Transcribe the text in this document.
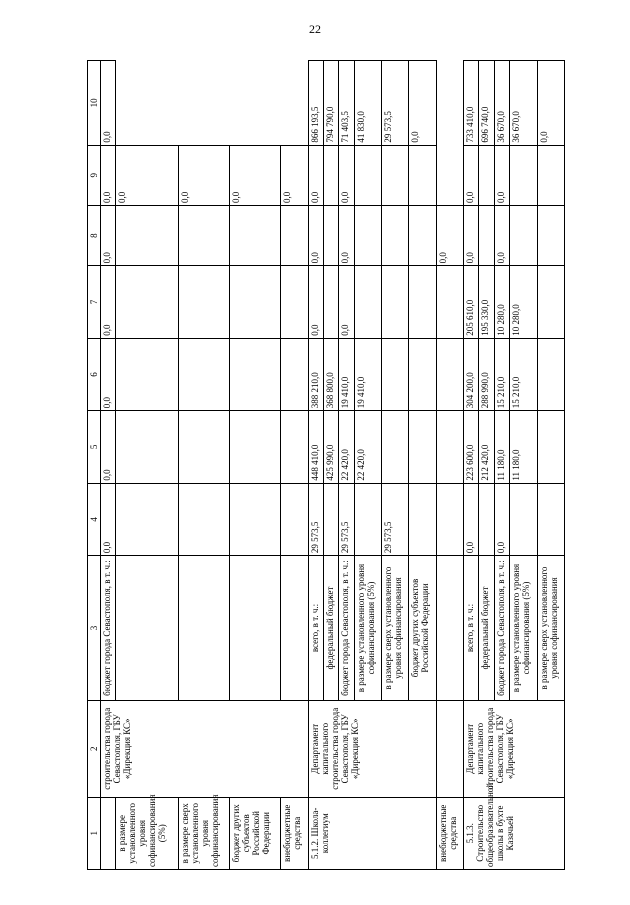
22
1	2	3	4	5	6	7	8	9	10
	строительства города Севастополя, ГБУ «Дирекция КС»	бюджет города Севастополя, в т. ч.:	0,0	0,0	0,0	0,0	0,0	0,0	0,0
в размере установленного уровня софинансирования (5%)								0,0	
в размере сверх установленного уровня софинансирования								0,0	
бюджет других субъектов Российской Федерации								0,0	
внебюджетные средства								0,0	
5.1.2. Школа-коллегиум	Департамент капитального строительства города Севастополя, ГБУ «Дирекция КС»	всего, в т. ч.:	29 573,5	448 410,0	388 210,0	0,0	0,0	0,0	866 193,5
		федеральный бюджет		425 990,0	368 800,0				794 790,0
		бюджет города Севастополя, в т. ч.:	29 573,5	22 420,0	19 410,0	0,0	0,0	0,0	71 403,5
		в размере установленного уровня софинансирования (5%)		22 420,0	19 410,0				41 830,0
		в размере сверх установленного уровня софинансирования	29 573,5						29 573,5
		бюджет других субъектов Российской Федерации							0,0
внебюджетные средства							0,0		
5.1.3. Строительство общеобразовательной школы в бухте Казачьей	Департамент капитального строительства города Севастополя, ГБУ «Дирекция КС»	всего, в т. ч.:	0,0	223 600,0	304 200,0	205 610,0	0,0	0,0	733 410,0
		федеральный бюджет		212 420,0	288 990,0	195 330,0			696 740,0
		бюджет города Севастополя, в т. ч.:	0,0	11 180,0	15 210,0	10 280,0	0,0	0,0	36 670,0
		в размере установленного уровня софинансирования (5%)		11 180,0	15 210,0	10 280,0			36 670,0
		в размере сверх установленного уровня софинансирования							0,0
